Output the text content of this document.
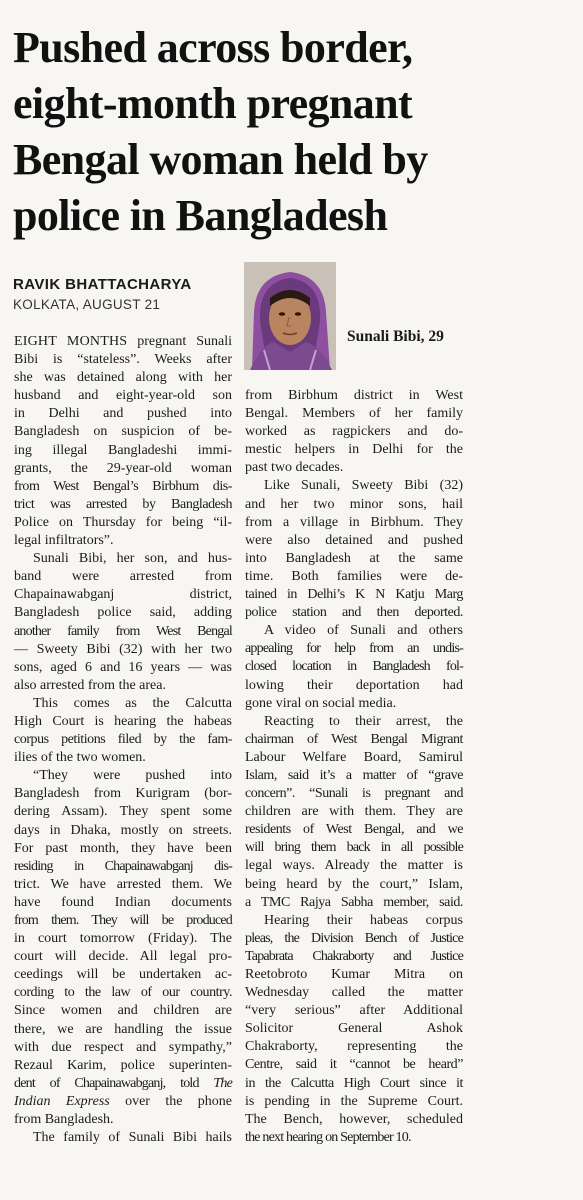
Pushed across border,
eight-month pregnant
Bengal woman held by
police in Bangladesh
RAVIK BHATTACHARYA
KOLKATA, AUGUST 21
Sunali Bibi, 29
EIGHT MONTHS pregnant Sunali
Bibi is “stateless”. Weeks after
she was detained along with her
husband and eight-year-old son
in Delhi and pushed into
Bangladesh on suspicion of be-
ing illegal Bangladeshi immi-
grants, the 29-year-old woman
from West Bengal’s Birbhum dis-
trict was arrested by Bangladesh
Police on Thursday for being “il-
legal infiltrators”.
Sunali Bibi, her son, and hus-
band were arrested from
Chapainawabganj district,
Bangladesh police said, adding
another family from West Bengal
— Sweety Bibi (32) with her two
sons, aged 6 and 16 years — was
also arrested from the area.
This comes as the Calcutta
High Court is hearing the habeas
corpus petitions filed by the fam-
ilies of the two women.
“They were pushed into
Bangladesh from Kurigram (bor-
dering Assam). They spent some
days in Dhaka, mostly on streets.
For past month, they have been
residing in Chapainawabganj dis-
trict. We have arrested them. We
have found Indian documents
from them. They will be produced
in court tomorrow (Friday). The
court will decide. All legal pro-
ceedings will be undertaken ac-
cording to the law of our country.
Since women and children are
there, we are handling the issue
with due respect and sympathy,”
Rezaul Karim, police superinten-
dent of Chapainawabganj, told The
Indian Express over the phone
from Bangladesh.
The family of Sunali Bibi hails
from Birbhum district in West
Bengal. Members of her family
worked as ragpickers and do-
mestic helpers in Delhi for the
past two decades.
Like Sunali, Sweety Bibi (32)
and her two minor sons, hail
from a village in Birbhum. They
were also detained and pushed
into Bangladesh at the same
time. Both families were de-
tained in Delhi’s K N Katju Marg
police station and then deported.
A video of Sunali and others
appealing for help from an undis-
closed location in Bangladesh fol-
lowing their deportation had
gone viral on social media.
Reacting to their arrest, the
chairman of West Bengal Migrant
Labour Welfare Board, Samirul
Islam, said it’s a matter of “grave
concern”. “Sunali is pregnant and
children are with them. They are
residents of West Bengal, and we
will bring them back in all possible
legal ways. Already the matter is
being heard by the court,” Islam,
a TMC Rajya Sabha member, said.
Hearing their habeas corpus
pleas, the Division Bench of Justice
Tapabrata Chakraborty and Justice
Reetobroto Kumar Mitra on
Wednesday called the matter
“very serious” after Additional
Solicitor General Ashok
Chakraborty, representing the
Centre, said it “cannot be heard”
in the Calcutta High Court since it
is pending in the Supreme Court.
The Bench, however, scheduled
the next hearing on September 10.
